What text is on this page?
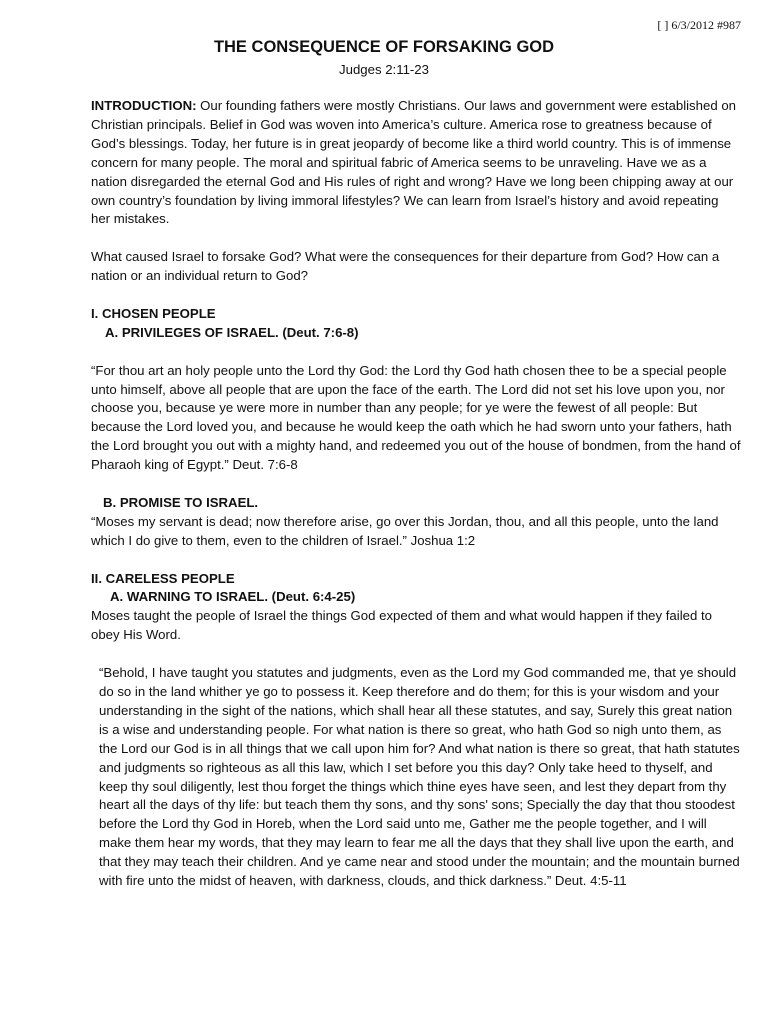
[ ] 6/3/2012 #987
THE CONSEQUENCE OF FORSAKING GOD
Judges 2:11-23

INTRODUCTION: Our founding fathers were mostly Christians. Our laws and government were established on Christian principals. Belief in God was woven into America’s culture. America rose to greatness because of God’s blessings. Today, her future is in great jeopardy of become like a third world country. This is of immense concern for many people. The moral and spiritual fabric of America seems to be unraveling. Have we as a nation disregarded the eternal God and His rules of right and wrong? Have we long been chipping away at our own country’s foundation by living immoral lifestyles? We can learn from Israel’s history and avoid repeating her mistakes.

What caused Israel to forsake God? What were the consequences for their departure from God? How can a nation or an individual return to God?

I. CHOSEN PEOPLE

A. PRIVILEGES OF ISRAEL. (Deut. 7:6-8)

“For thou art an holy people unto the Lord thy God: the Lord thy God hath chosen thee to be a special people unto himself, above all people that are upon the face of the earth. The Lord did not set his love upon you, nor choose you, because ye were more in number than any people; for ye were the fewest of all people: But because the Lord loved you, and because he would keep the oath which he had sworn unto your fathers, hath the Lord brought you out with a mighty hand, and redeemed you out of the house of bondmen, from the hand of Pharaoh king of Egypt.” Deut. 7:6-8

B. PROMISE TO ISRAEL.

“Moses my servant is dead; now therefore arise, go over this Jordan, thou, and all this people, unto the land which I do give to them, even to the children of Israel.” Joshua 1:2

II. CARELESS PEOPLE

A. WARNING TO ISRAEL. (Deut. 6:4-25)

Moses taught the people of Israel the things God expected of them and what would happen if they failed to obey His Word.

“Behold, I have taught you statutes and judgments, even as the Lord my God commanded me, that ye should do so in the land whither ye go to possess it. Keep therefore and do them; for this is your wisdom and your understanding in the sight of the nations, which shall hear all these statutes, and say, Surely this great nation is a wise and understanding people. For what nation is there so great, who hath God so nigh unto them, as the Lord our God is in all things that we call upon him for? And what nation is there so great, that hath statutes and judgments so righteous as all this law, which I set before you this day? Only take heed to thyself, and keep thy soul diligently, lest thou forget the things which thine eyes have seen, and lest they depart from thy heart all the days of thy life: but teach them thy sons, and thy sons' sons; Specially the day that thou stoodest before the Lord thy God in Horeb, when the Lord said unto me, Gather me the people together, and I will make them hear my words, that they may learn to fear me all the days that they shall live upon the earth, and that they may teach their children. And ye came near and stood under the mountain; and the mountain burned with fire unto the midst of heaven, with darkness, clouds, and thick darkness.” Deut. 4:5-11
